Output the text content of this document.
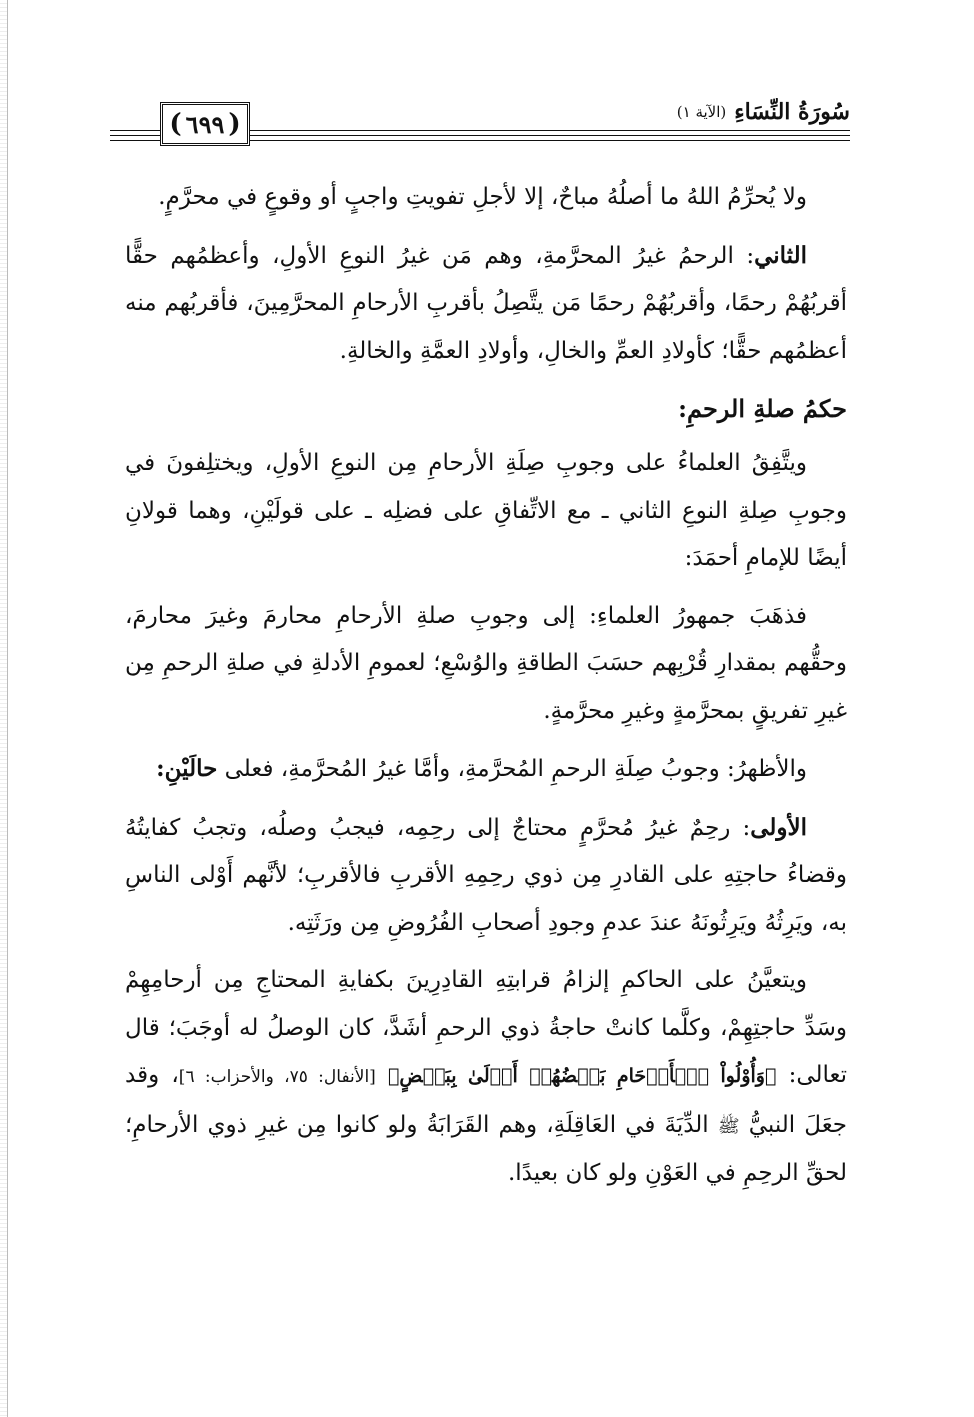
(
٦٩٩
)	سُورَةُ النِّسَاءِ
(الآية ١)

ولا يُحرِّمُ اللهُ ما أصلُهُ مباحٌ، إلا لأجلِ تفويتِ واجبٍ أو وقوعٍ في محرَّمٍ.

الثاني: الرحمُ غيرُ المحرَّمةِ، وهم مَن غيرُ النوعِ الأولِ، وأعظمُهم حقًّا أقربُهُمْ رحمًا، وأقربُهُمْ رحمًا مَن يتَّصِلُ بأقربِ الأرحامِ المحرَّمِينَ، فأقربُهم منه أعظمُهم حقًّا؛ كأولادِ العمِّ والخالِ، وأولادِ العمَّةِ والخالةِ.

حكمُ صلةِ الرحمِ:

ويتَّفِقُ العلماءُ على وجوبِ صِلَةِ الأرحامِ مِن النوعِ الأولِ، ويختلِفونَ في وجوبِ صِلةِ النوعِ الثاني ـ مع الاتِّفاقِ على فضلِه ـ على قولَيْنِ، وهما قولانِ أيضًا للإمامِ أحمَدَ:

فذهَبَ جمهورُ العلماءِ: إلى وجوبِ صلةِ الأرحامِ محارمَ وغيرَ محارمَ، وحقُّهم بمقدارِ قُرْبِهم حسَبَ الطاقةِ والوُسْعِ؛ لعمومِ الأدلةِ في صلةِ الرحمِ مِن غيرِ تفريقٍ بمحرَّمةٍ وغيرِ محرَّمةٍ.

والأظهرُ: وجوبُ صِلَةِ الرحمِ المُحرَّمةِ، وأمَّا غيرُ المُحرَّمةِ، فعلى حالَيْنِ:

الأولى: رحِمٌ غيرُ مُحرَّمٍ محتاجٌ إلى رحِمِه، فيجبُ وصلُه، وتجبُ كفايتُهُ وقضاءُ حاجتِهِ على القادرِ مِن ذوي رحِمِهِ الأقربِ فالأقربِ؛ لأنَّهم أَوْلى الناسِ به، ويَرِثُهُ ويَرِثُونَهُ عندَ عدمِ وجودِ أصحابِ الفُرُوضِ مِن ورَثَتِه.

ويتعيَّنُ على الحاكمِ إلزامُ قرابتِهِ القادِرِينَ بكفايةِ المحتاجِ مِن أرحامِهِمْ وسَدِّ حاجتِهِمْ، وكلَّما كانتْ حاجةُ ذوي الرحمِ أشَدَّ، كان الوصلُ له أوجَبَ؛ قال تعالى: ﴿وَأُوْلُواْ ٱلۡأَرۡحَامِ بَعۡضُهُمۡ أَوۡلَىٰ بِبَعۡضٍ﴾ [الأنفال: ٧٥، والأحزاب: ٦]، وقد جعَلَ النبيُّ ﷺ الدِّيَةَ في العَاقِلَةِ، وهم القَرَابَةُ ولو كانوا مِن غيرِ ذوي الأرحامِ؛ لحقِّ الرحِمِ في العَوْنِ ولو كان بعيدًا.
